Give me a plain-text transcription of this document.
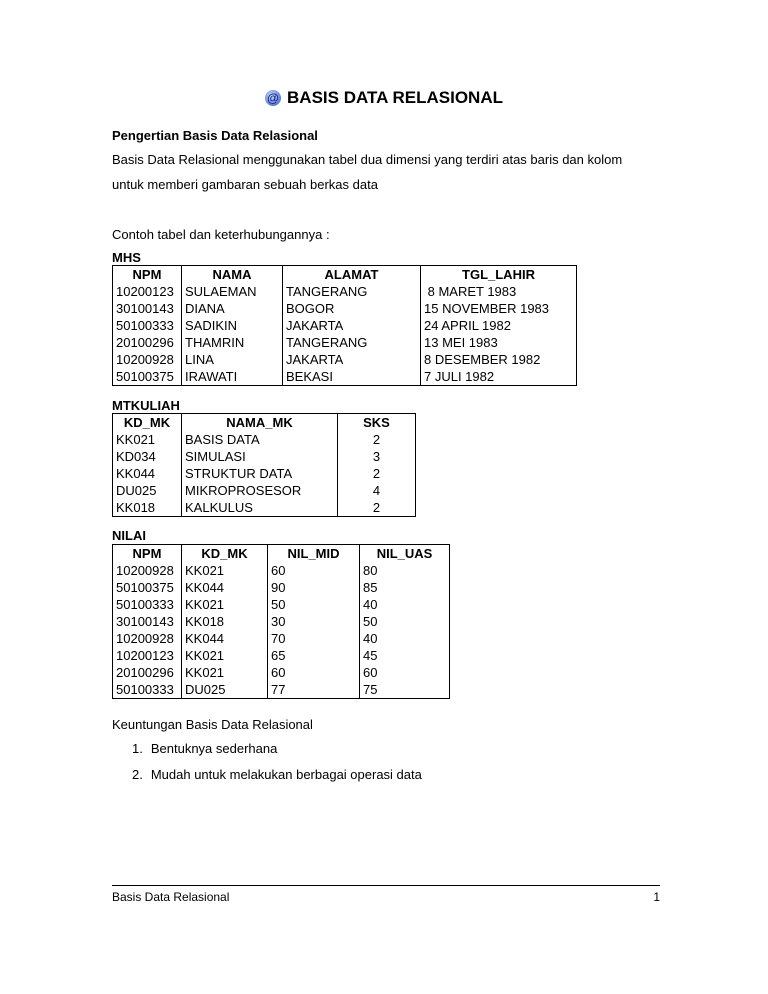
@ BASIS DATA RELASIONAL
Pengertian Basis Data Relasional
Basis Data Relasional menggunakan tabel dua dimensi yang terdiri atas baris dan kolom
untuk memberi gambaran sebuah berkas data
Contoh tabel dan keterhubungannya :
MHS
NPM	NAMA	ALAMAT	TGL_LAHIR
10200123	SULAEMAN	TANGERANG	8 MARET 1983
30100143	DIANA	BOGOR	15 NOVEMBER 1983
50100333	SADIKIN	JAKARTA	24 APRIL 1982
20100296	THAMRIN	TANGERANG	13 MEI 1983
10200928	LINA	JAKARTA	8 DESEMBER 1982
50100375	IRAWATI	BEKASI	7 JULI 1982
MTKULIAH
KD_MK	NAMA_MK	SKS
KK021	BASIS DATA	2
KD034	SIMULASI	3
KK044	STRUKTUR DATA	2
DU025	MIKROPROSESOR	4
KK018	KALKULUS	2
NILAI
NPM	KD_MK	NIL_MID	NIL_UAS
10200928	KK021	60	80
50100375	KK044	90	85
50100333	KK021	50	40
30100143	KK018	30	50
10200928	KK044	70	40
10200123	KK021	65	45
20100296	KK021	60	60
50100333	DU025	77	75
Keuntungan Basis Data Relasional
1. Bentuknya sederhana
2. Mudah untuk melakukan berbagai operasi data
Basis Data Relasional	1
